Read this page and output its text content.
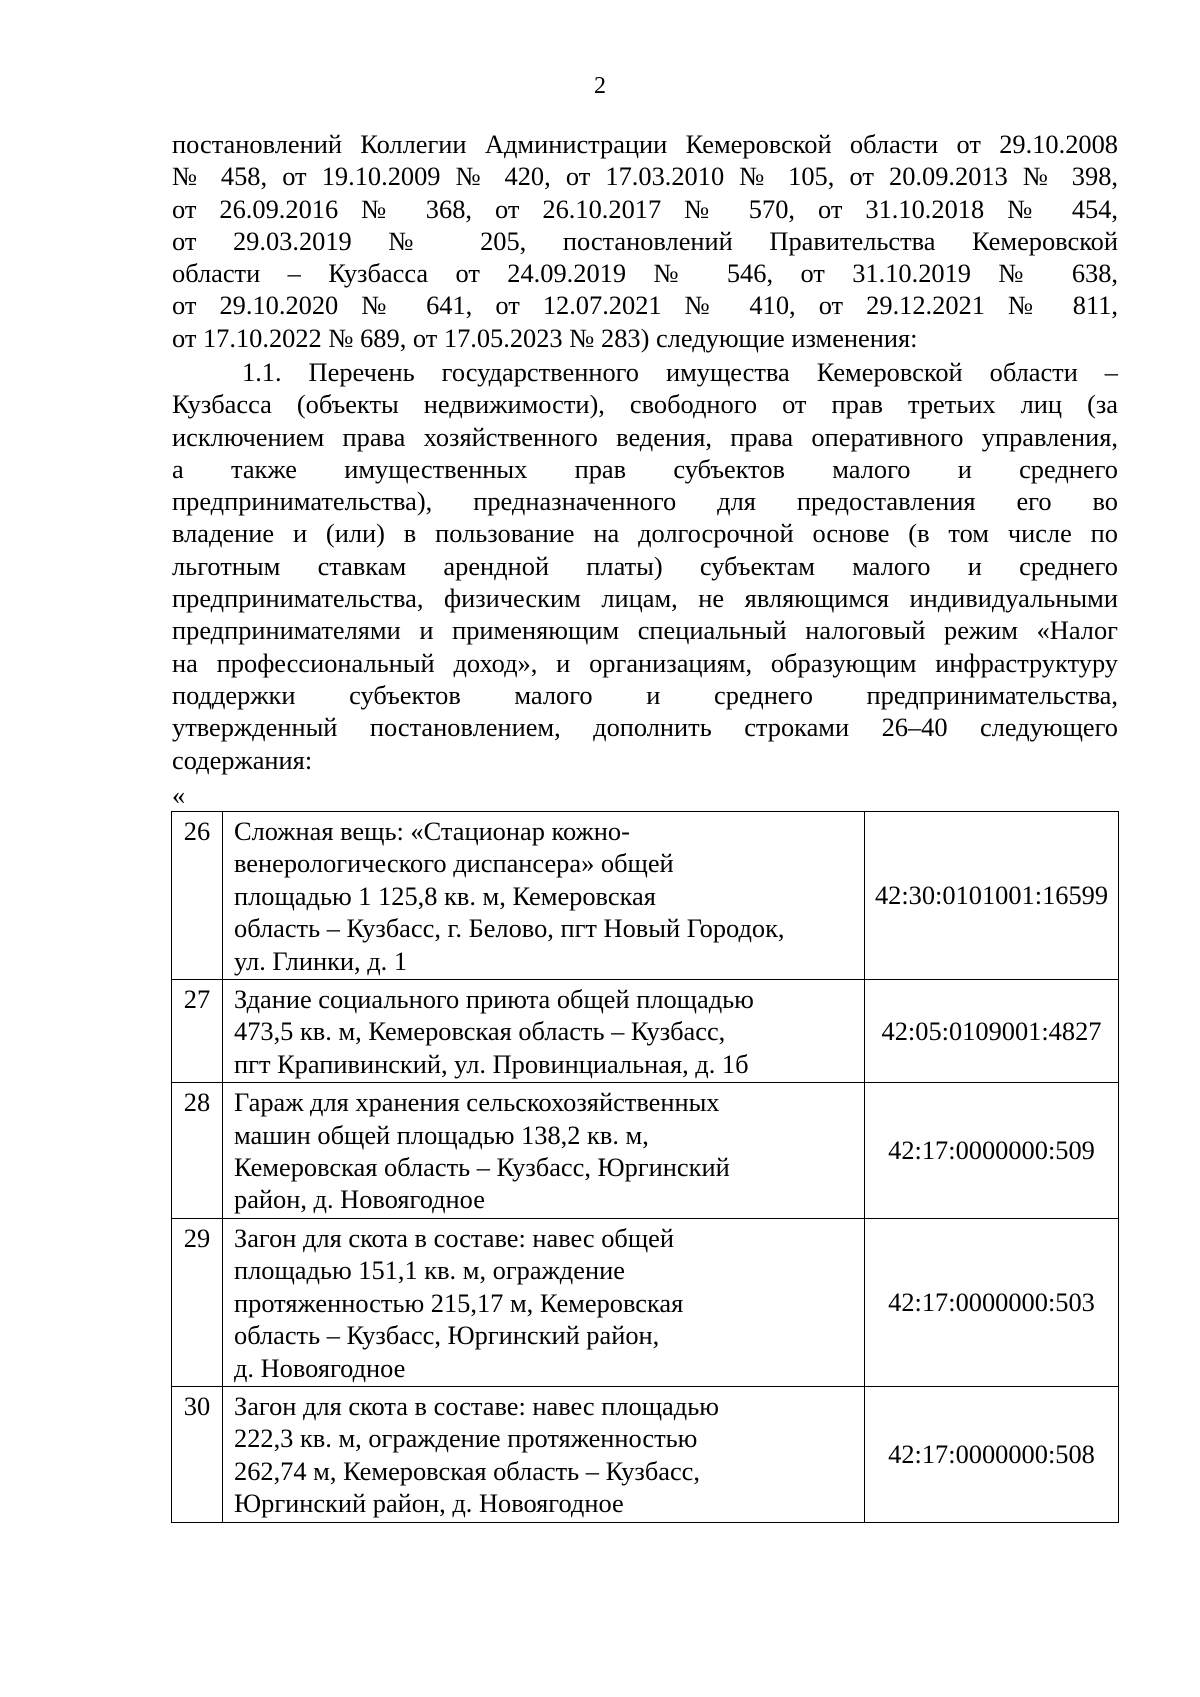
2
постановлений Коллегии Администрации Кемеровской области от 29.10.2008
№ 458, от 19.10.2009 № 420, от 17.03.2010 № 105, от 20.09.2013 № 398,
от 26.09.2016 № 368, от 26.10.2017 № 570, от 31.10.2018 № 454,
от 29.03.2019 № 205, постановлений Правительства Кемеровской
области – Кузбасса от 24.09.2019 № 546, от 31.10.2019 № 638,
от 29.10.2020 № 641, от 12.07.2021 № 410, от 29.12.2021 № 811,
от 17.10.2022 № 689, от 17.05.2023 № 283) следующие изменения:
1.1. Перечень государственного имущества Кемеровской области –
Кузбасса (объекты недвижимости), свободного от прав третьих лиц (за
исключением права хозяйственного ведения, права оперативного управления,
а также имущественных прав субъектов малого и среднего
предпринимательства), предназначенного для предоставления его во
владение и (или) в пользование на долгосрочной основе (в том числе по
льготным ставкам арендной платы) субъектам малого и среднего
предпринимательства, физическим лицам, не являющимся индивидуальными
предпринимателями и применяющим специальный налоговый режим «Налог
на профессиональный доход», и организациям, образующим инфраструктуру
поддержки субъектов малого и среднего предпринимательства,
утвержденный постановлением, дополнить строками 26–40 следующего
содержания:
«
26	Сложная вещь: «Стационар кожно-
венерологического диспансера» общей
площадью 1 125,8 кв. м, Кемеровская
область – Кузбасс, г. Белово, пгт Новый Городок,
ул. Глинки, д. 1	42:30:0101001:16599
27	Здание социального приюта общей площадью
473,5 кв. м, Кемеровская область – Кузбасс,
пгт Крапивинский, ул. Провинциальная, д. 1б	42:05:0109001:4827
28	Гараж для хранения сельскохозяйственных
машин общей площадью 138,2 кв. м,
Кемеровская область – Кузбасс, Юргинский
район, д. Новоягодное	42:17:0000000:509
29	Загон для скота в составе: навес общей
площадью 151,1 кв. м, ограждение
протяженностью 215,17 м, Кемеровская
область – Кузбасс, Юргинский район,
д. Новоягодное	42:17:0000000:503
30	Загон для скота в составе: навес площадью
222,3 кв. м, ограждение протяженностью
262,74 м, Кемеровская область – Кузбасс,
Юргинский район, д. Новоягодное	42:17:0000000:508
